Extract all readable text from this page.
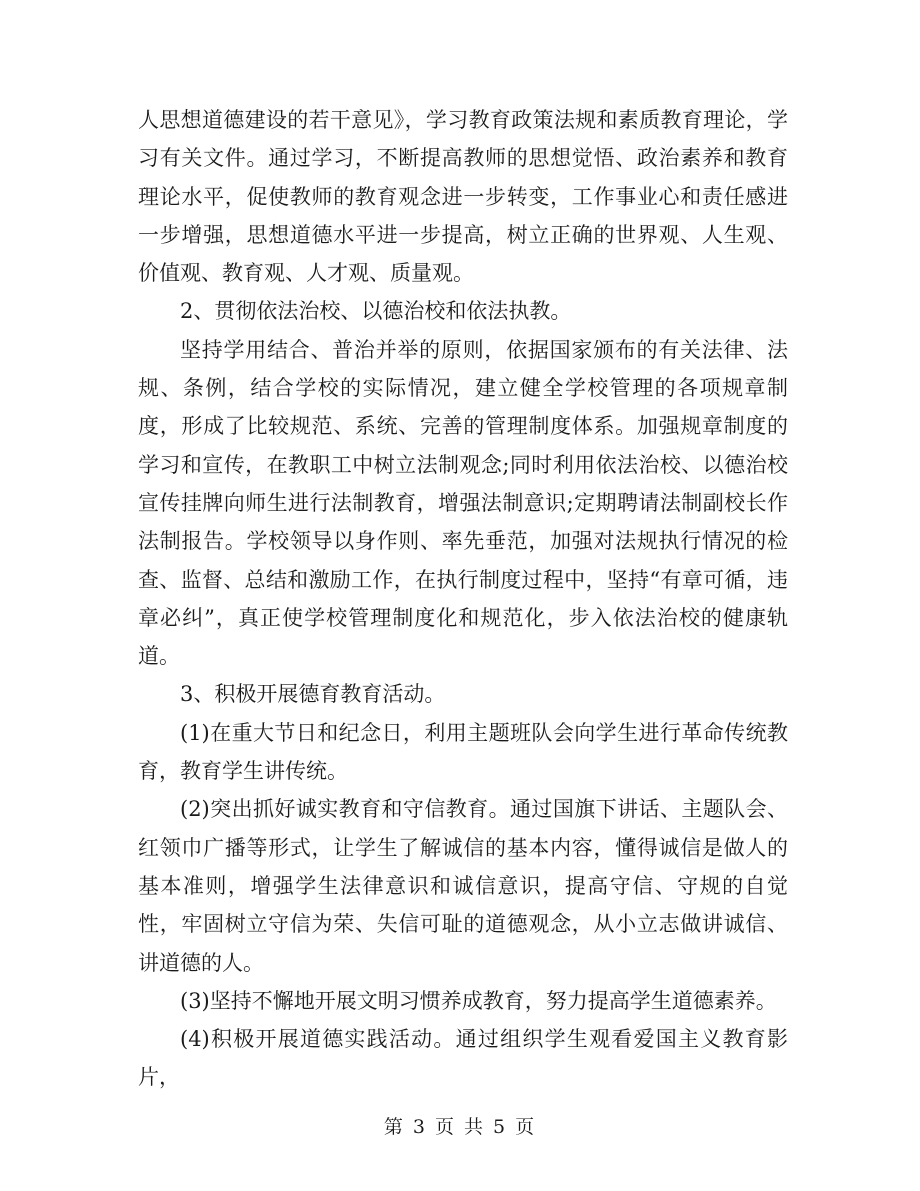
人思想道德建设的若干意见》，学习教育政策法规和素质教育理论，学习有关文件。通过学习，不断提高教师的思想觉悟、政治素养和教育理论水平，促使教师的教育观念进一步转变，工作事业心和责任感进一步增强，思想道德水平进一步提高，树立正确的世界观、人生观、价值观、教育观、人才观、质量观。

2、贯彻依法治校、以德治校和依法执教。

坚持学用结合、普治并举的原则，依据国家颁布的有关法律、法规、条例，结合学校的实际情况，建立健全学校管理的各项规章制度，形成了比较规范、系统、完善的管理制度体系。加强规章制度的学习和宣传，在教职工中树立法制观念;同时利用依法治校、以德治校宣传挂牌向师生进行法制教育，增强法制意识;定期聘请法制副校长作法制报告。学校领导以身作则、率先垂范，加强对法规执行情况的检查、监督、总结和激励工作，在执行制度过程中，坚持“有章可循，违章必纠”，真正使学校管理制度化和规范化，步入依法治校的健康轨道。

3、积极开展德育教育活动。

(1)在重大节日和纪念日，利用主题班队会向学生进行革命传统教育，教育学生讲传统。

(2)突出抓好诚实教育和守信教育。通过国旗下讲话、主题队会、红领巾广播等形式，让学生了解诚信的基本内容，懂得诚信是做人的基本准则，增强学生法律意识和诚信意识，提高守信、守规的自觉性，牢固树立守信为荣、失信可耻的道德观念，从小立志做讲诚信、讲道德的人。

(3)坚持不懈地开展文明习惯养成教育，努力提高学生道德素养。

(4)积极开展道德实践活动。通过组织学生观看爱国主义教育影片，

第 3 页 共 5 页
